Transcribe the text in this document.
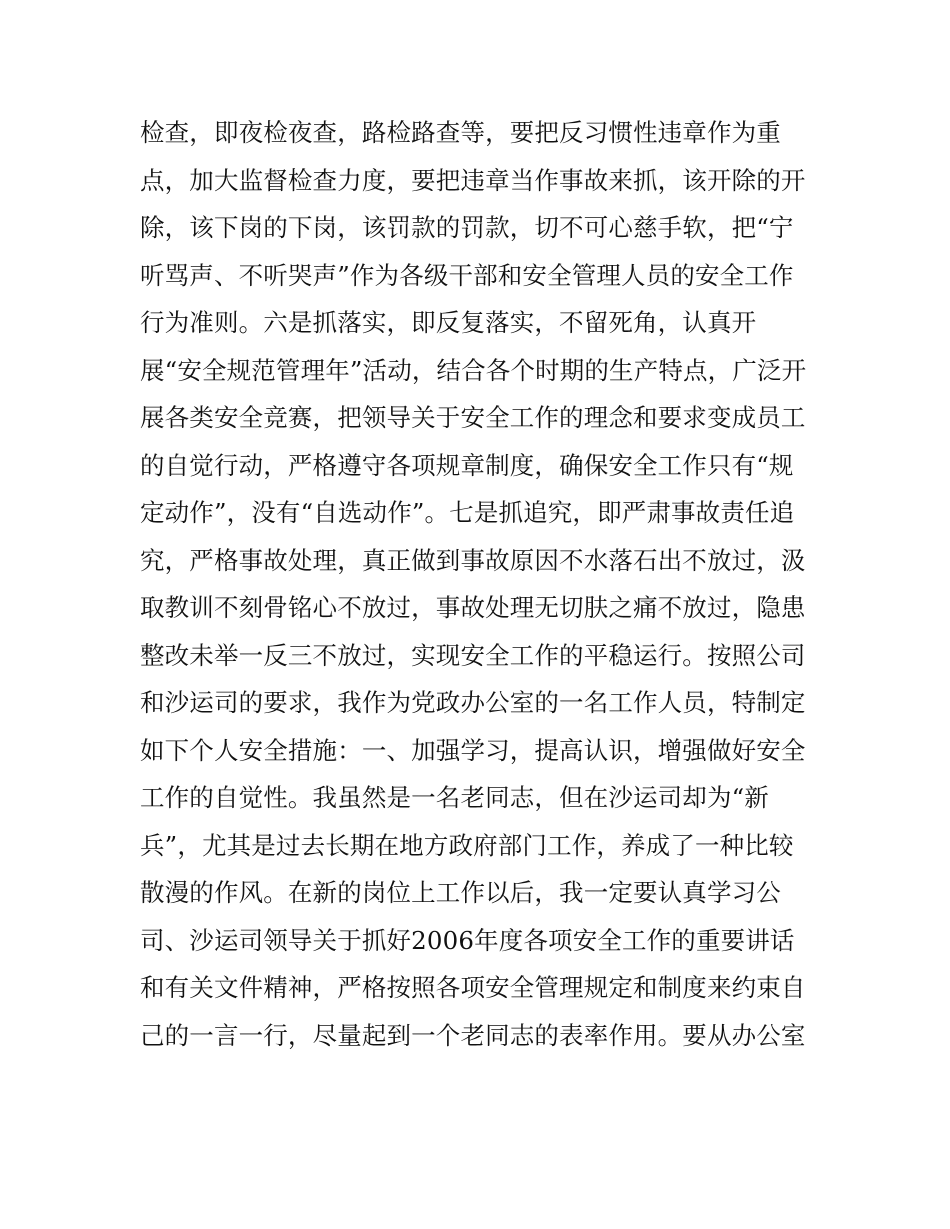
检查，即夜检夜查，路检路查等，要把反习惯性违章作为重
点，加大监督检查力度，要把违章当作事故来抓，该开除的开
除，该下岗的下岗，该罚款的罚款，切不可心慈手软，把“宁
听骂声、不听哭声”作为各级干部和安全管理人员的安全工作
行为准则。六是抓落实，即反复落实，不留死角，认真开
展“安全规范管理年”活动，结合各个时期的生产特点，广泛开
展各类安全竞赛，把领导关于安全工作的理念和要求变成员工
的自觉行动，严格遵守各项规章制度，确保安全工作只有“规
定动作”，没有“自选动作”。七是抓追究，即严肃事故责任追
究，严格事故处理，真正做到事故原因不水落石出不放过，汲
取教训不刻骨铭心不放过，事故处理无切肤之痛不放过，隐患
整改未举一反三不放过，实现安全工作的平稳运行。按照公司
和沙运司的要求，我作为党政办公室的一名工作人员，特制定
如下个人安全措施：一、加强学习，提高认识，增强做好安全
工作的自觉性。我虽然是一名老同志，但在沙运司却为“新
兵”，尤其是过去长期在地方政府部门工作，养成了一种比较
散漫的作风。在新的岗位上工作以后，我一定要认真学习公
司、沙运司领导关于抓好2006年度各项安全工作的重要讲话
和有关文件精神，严格按照各项安全管理规定和制度来约束自
己的一言一行，尽量起到一个老同志的表率作用。要从办公室
